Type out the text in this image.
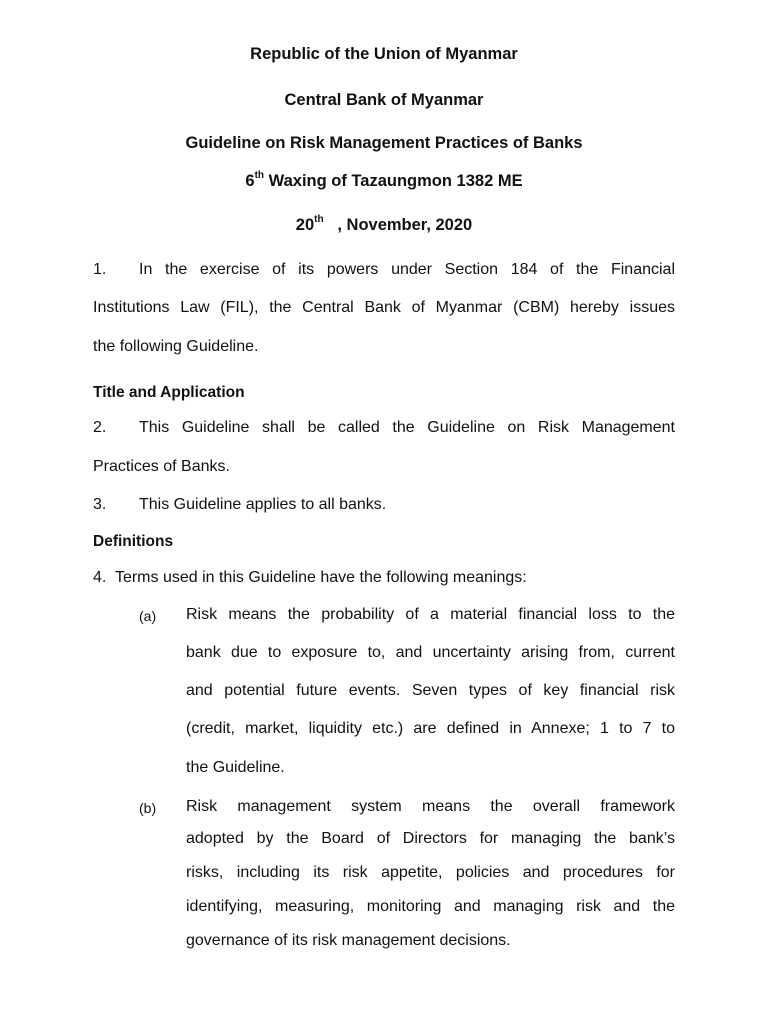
Republic of the Union of Myanmar
Central Bank of Myanmar
Guideline on Risk Management Practices of Banks
6th Waxing of Tazaungmon 1382 ME
20th   , November, 2020
1. In the exercise of its powers under Section 184 of the Financial
Institutions Law (FIL), the Central Bank of Myanmar (CBM) hereby issues
the following Guideline.
Title and Application
2. This Guideline shall be called the Guideline on Risk Management
Practices of Banks.
3. This Guideline applies to all banks.
Definitions
4.  Terms used in this Guideline have the following meanings:
(a) Risk means the probability of a material financial loss to the
bank due to exposure to, and uncertainty arising from, current
and potential future events. Seven types of key financial risk
(credit, market, liquidity etc.) are defined in Annexe; 1 to 7 to
the Guideline.
(b) Risk management system means the overall framework
adopted by the Board of Directors for managing the bank’s
risks, including its risk appetite, policies and procedures for
identifying, measuring, monitoring and managing risk and the
governance of its risk management decisions.
